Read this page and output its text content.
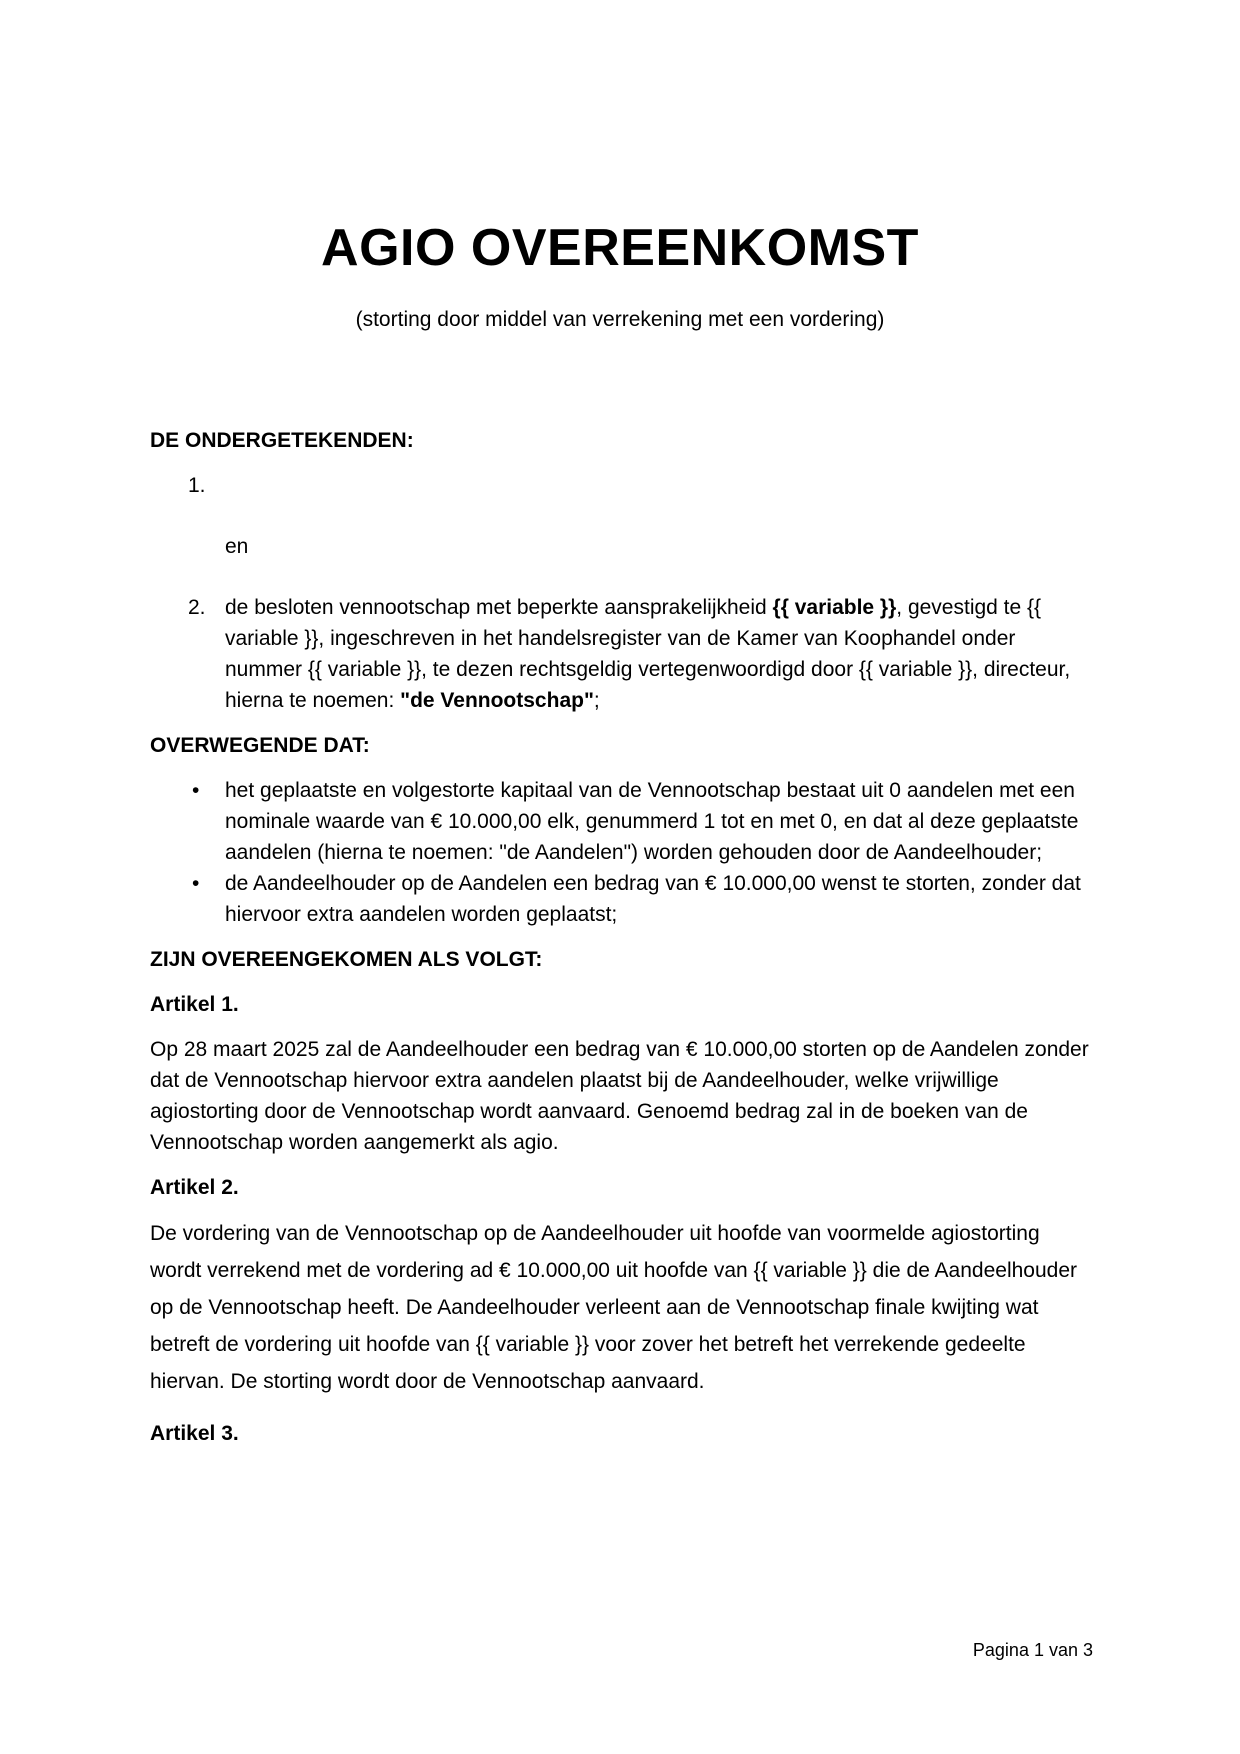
AGIO OVEREENKOMST
(storting door middel van verrekening met een vordering)

DE ONDERGETEKENDEN:

1.

en

2. de besloten vennootschap met beperkte aansprakelijkheid {{ variable }}, gevestigd te {{ variable }}, ingeschreven in het handelsregister van de Kamer van Koophandel onder nummer {{ variable }}, te dezen rechtsgeldig vertegenwoordigd door {{ variable }}, directeur, hierna te noemen: "de Vennootschap";

OVERWEGENDE DAT:

• het geplaatste en volgestorte kapitaal van de Vennootschap bestaat uit 0 aandelen met een nominale waarde van € 10.000,00 elk, genummerd 1 tot en met 0, en dat al deze geplaatste aandelen (hierna te noemen: "de Aandelen") worden gehouden door de Aandeelhouder;

• de Aandeelhouder op de Aandelen een bedrag van € 10.000,00 wenst te storten, zonder dat hiervoor extra aandelen worden geplaatst;

ZIJN OVEREENGEKOMEN ALS VOLGT:

Artikel 1.

Op 28 maart 2025 zal de Aandeelhouder een bedrag van € 10.000,00 storten op de Aandelen zonder dat de Vennootschap hiervoor extra aandelen plaatst bij de Aandeelhouder, welke vrijwillige agiostorting door de Vennootschap wordt aanvaard. Genoemd bedrag zal in de boeken van de Vennootschap worden aangemerkt als agio.

Artikel 2.

De vordering van de Vennootschap op de Aandeelhouder uit hoofde van voormelde agiostorting wordt verrekend met de vordering ad € 10.000,00 uit hoofde van {{ variable }} die de Aandeelhouder op de Vennootschap heeft. De Aandeelhouder verleent aan de Vennootschap finale kwijting wat betreft de vordering uit hoofde van {{ variable }} voor zover het betreft het verrekende gedeelte hiervan. De storting wordt door de Vennootschap aanvaard.

Artikel 3.

Pagina 1 van 3
